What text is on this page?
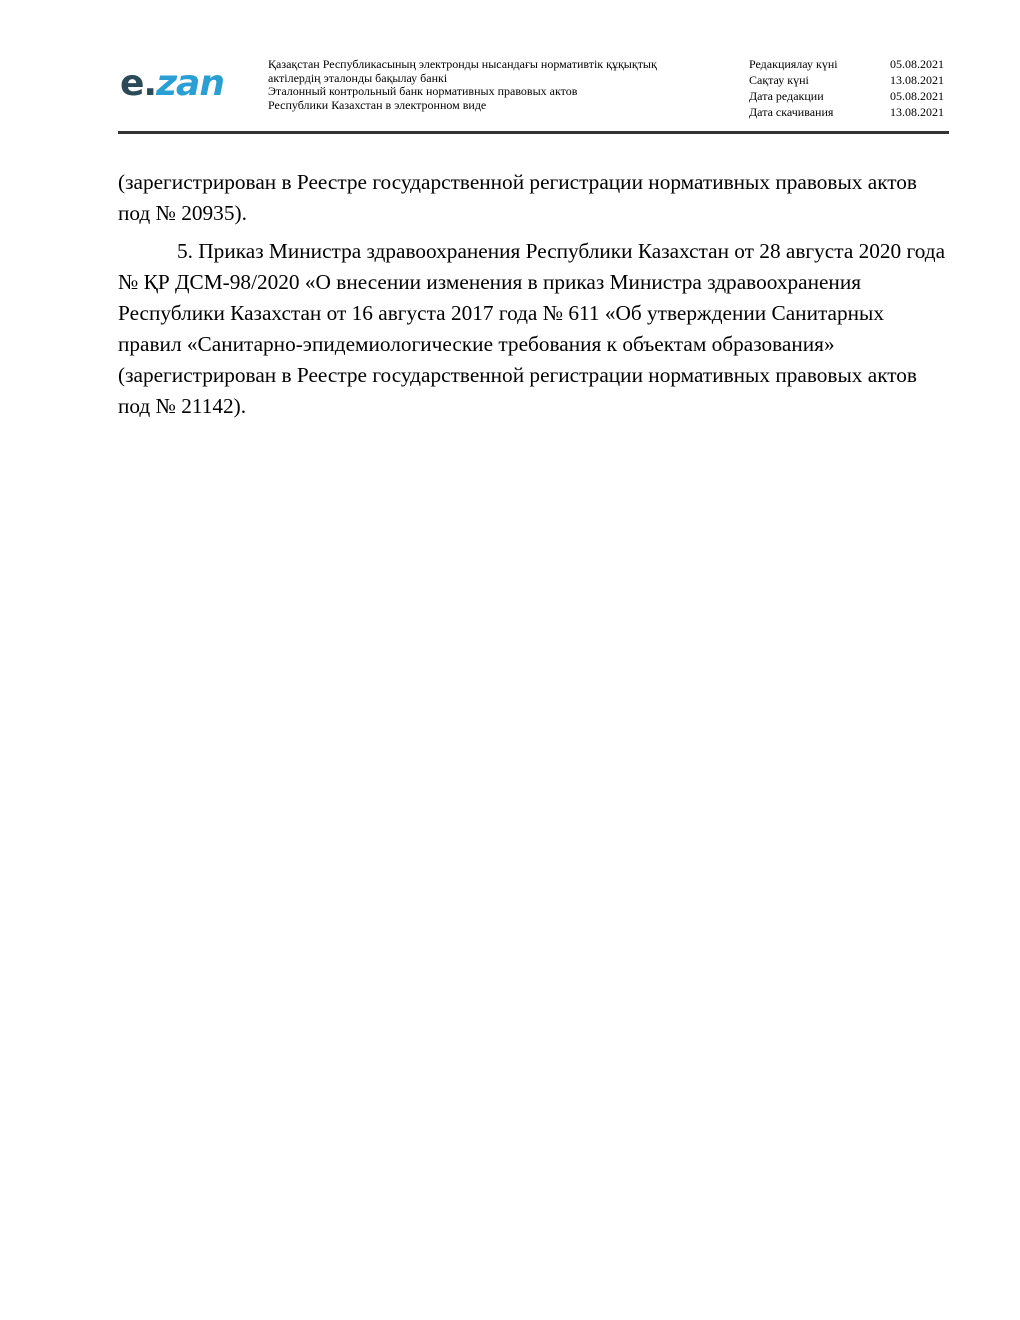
e. zan	Қазақстан Республикасының электронды нысандағы нормативтік құқықтық
актілердің эталонды бақылау банкі
Эталонный контрольный банк нормативных правовых актов
Республики Казахстан в электронном виде
Редакциялау күні	05.08.2021
Сақтау күні	13.08.2021
Дата редакции	05.08.2021
Дата скачивания	13.08.2021

(зарегистрирован в Реестре государственной регистрации нормативных правовых актов под № 20935).

5. Приказ Министра здравоохранения Республики Казахстан от 28 августа 2020 года № ҚР ДСМ-98/2020 «О внесении изменения в приказ Министра здравоохранения Республики Казахстан от 16 августа 2017 года № 611 «Об утверждении Санитарных правил «Санитарно-эпидемиологические требования к объектам образования» (зарегистрирован в Реестре государственной регистрации нормативных правовых актов под № 21142).
